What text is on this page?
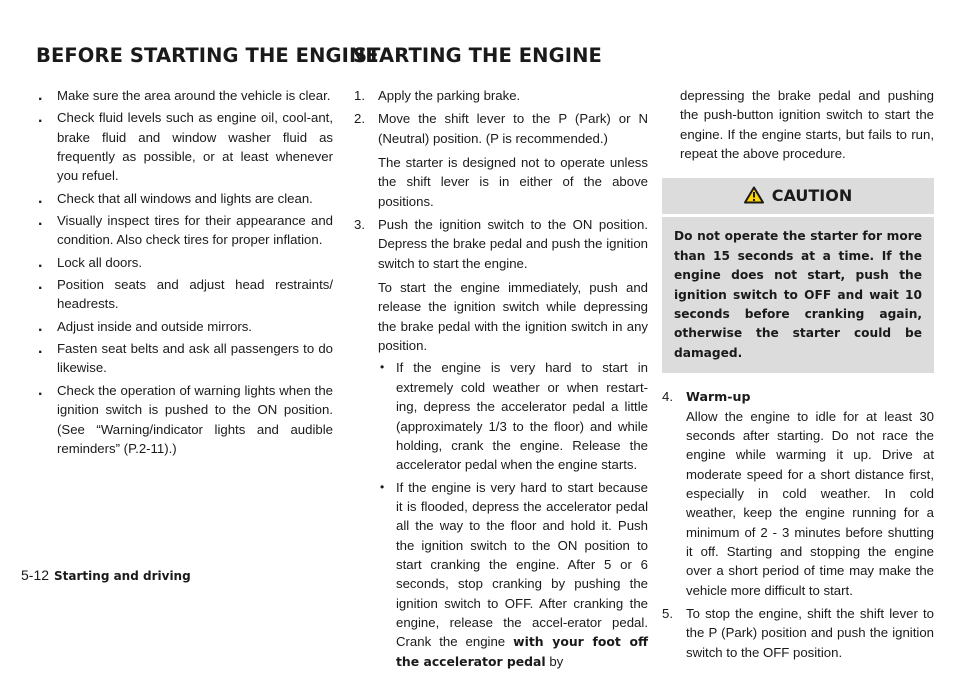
BEFORE STARTING THE ENGINE
STARTING THE ENGINE
. Make sure the area around the vehicle is clear.
. Check fluid levels such as engine oil, cool-ant, brake fluid and window washer fluid as frequently as possible, or at least whenever you refuel.
. Check that all windows and lights are clean.
. Visually inspect tires for their appearance and condition. Also check tires for proper inflation.
. Lock all doors.
. Position seats and adjust head restraints/ headrests.
. Adjust inside and outside mirrors.
. Fasten seat belts and ask all passengers to do likewise.
. Check the operation of warning lights when the ignition switch is pushed to the ON position. (See “Warning/indicator lights and audible reminders” (P.2-11).)
1. Apply the parking brake.
2. Move the shift lever to the P (Park) or N (Neutral) position. (P is recommended.)

The starter is designed not to operate unless the shift lever is in either of the above positions.

3. Push the ignition switch to the ON position. Depress the brake pedal and push the ignition switch to start the engine.

To start the engine immediately, push and release the ignition switch while depressing the brake pedal with the ignition switch in any position.

• If the engine is very hard to start in extremely cold weather or when restart-ing, depress the accelerator pedal a little (approximately 1/3 to the floor) and while holding, crank the engine. Release the accelerator pedal when the engine starts.
• If the engine is very hard to start because it is flooded, depress the accelerator pedal all the way to the floor and hold it. Push the ignition switch to the ON position to start cranking the engine. After 5 or 6 seconds, stop cranking by pushing the ignition switch to OFF. After cranking the engine, release the accel-erator pedal. Crank the engine with your foot off the accelerator pedal by

depressing the brake pedal and pushing the push-button ignition switch to start the engine. If the engine starts, but fails to run, repeat the above procedure.

CAUTION
Do not operate the starter for more than 15 seconds at a time. If the engine does not start, push the ignition switch to OFF and wait 10 seconds before cranking again, otherwise the starter could be damaged.
4. Warm-up

Allow the engine to idle for at least 30 seconds after starting. Do not race the engine while warming it up. Drive at moderate speed for a short distance first, especially in cold weather. In cold weather, keep the engine running for a minimum of 2 - 3 minutes before shutting it off. Starting and stopping the engine over a short period of time may make the vehicle more difficult to start.

5. To stop the engine, shift the shift lever to the P (Park) position and push the ignition switch to the OFF position.

5-12 Starting and driving
